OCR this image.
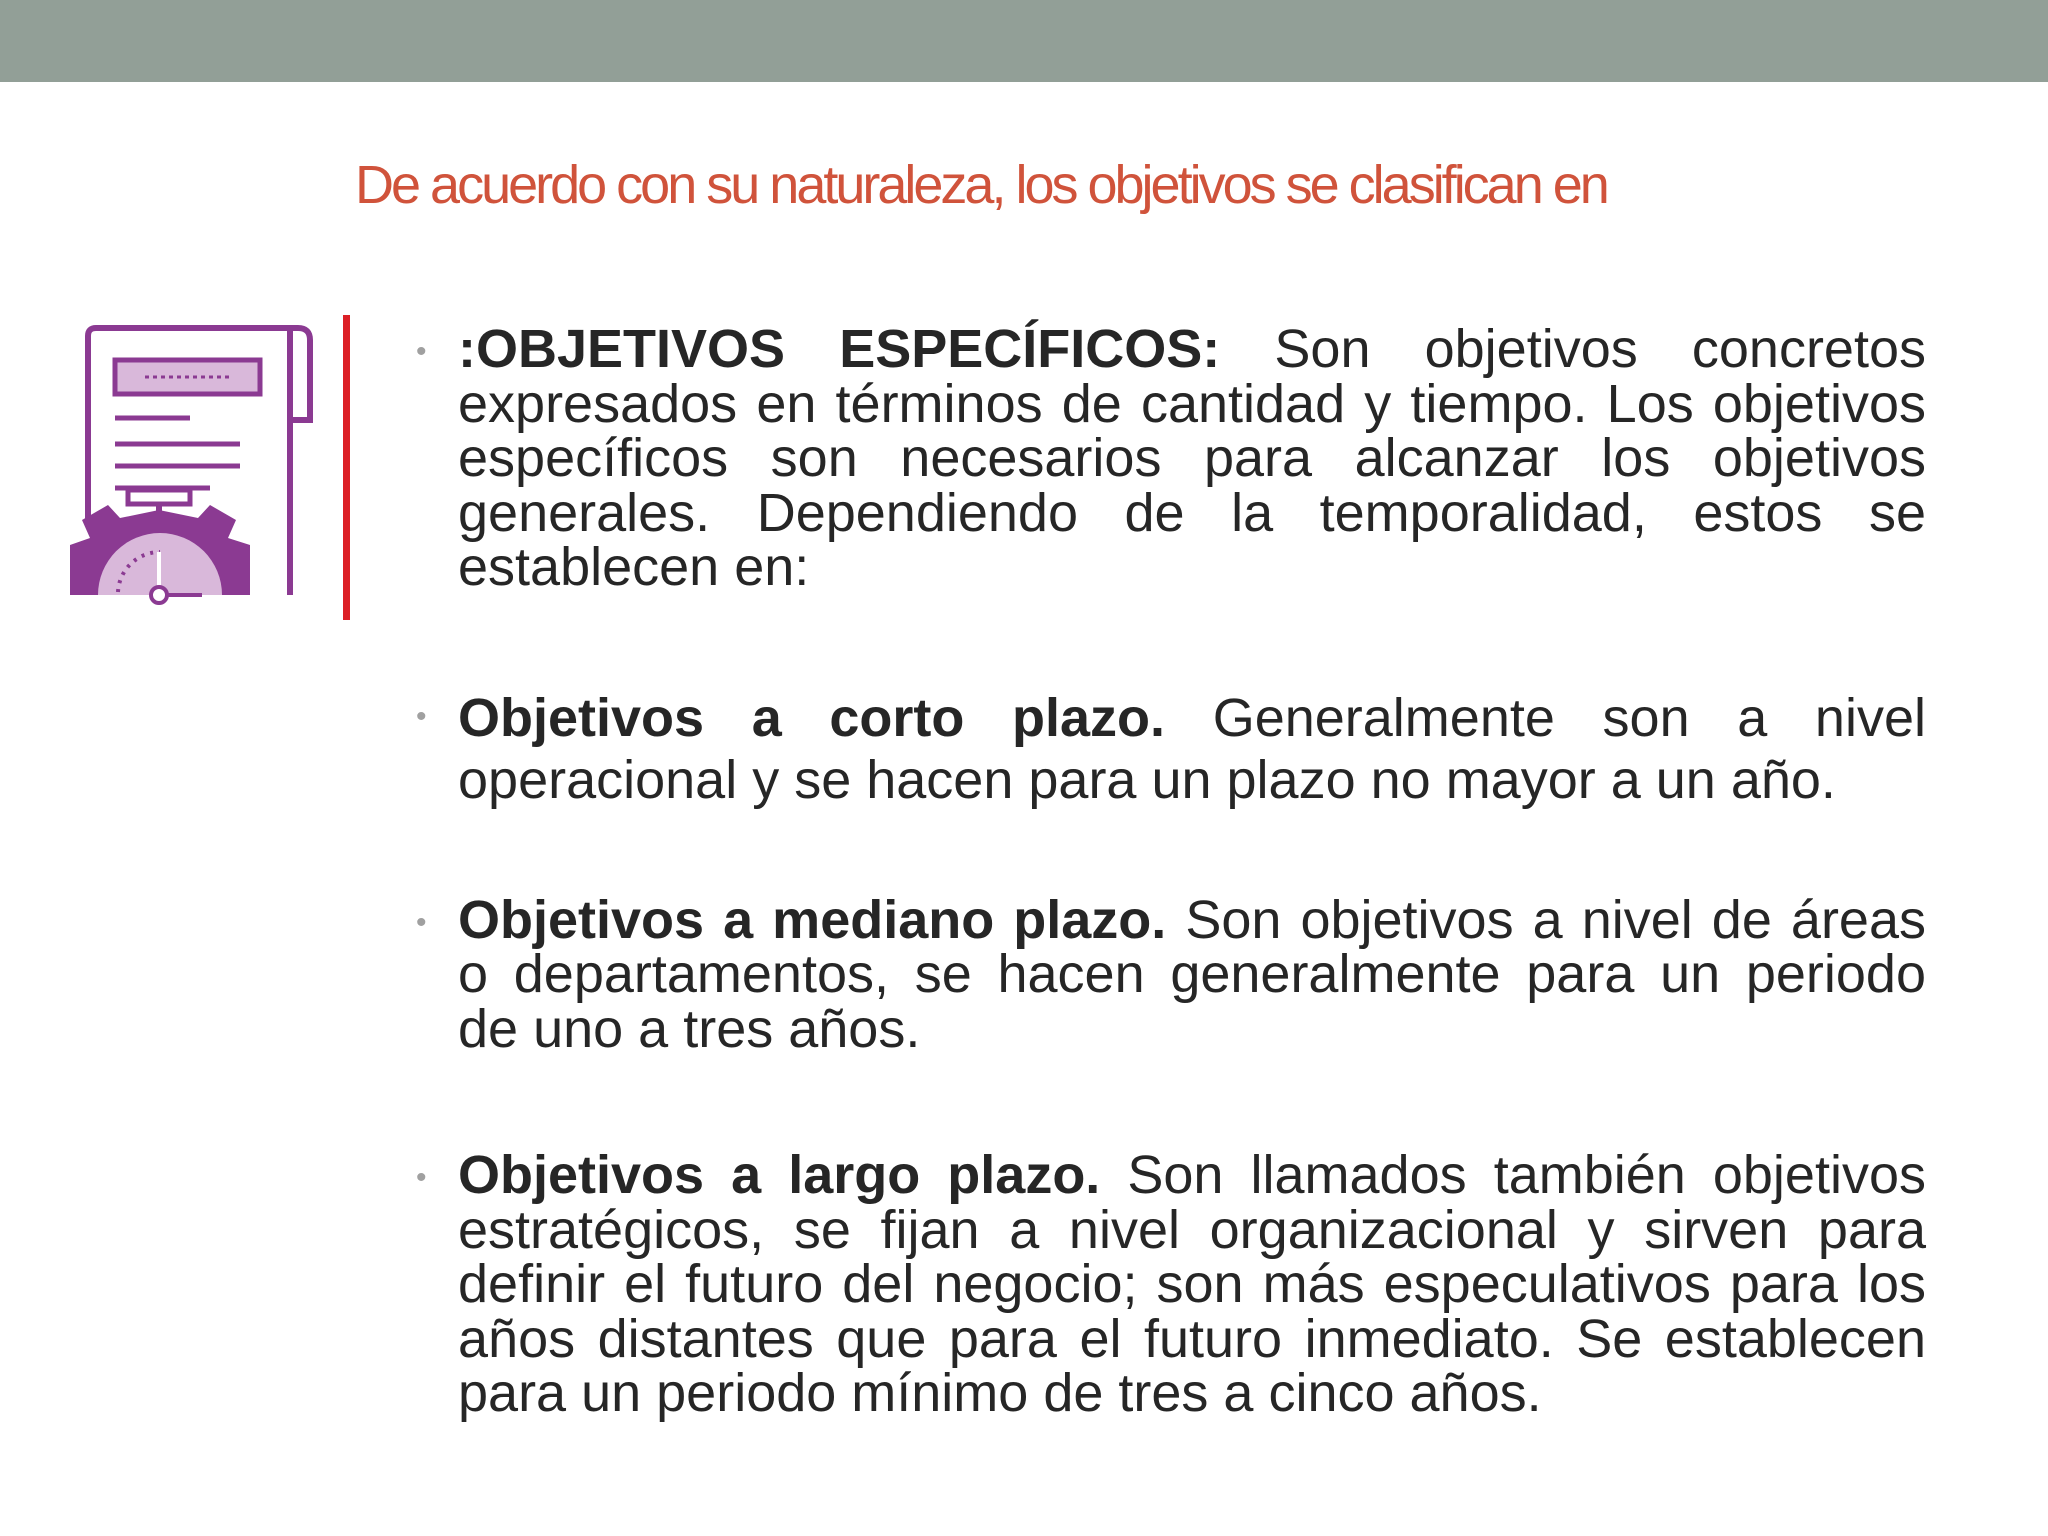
De acuerdo con su naturaleza, los objetivos se clasifican en
• :OBJETIVOS ESPECÍFICOS: Son objetivos concretos expresados en términos de cantidad y tiempo. Los objetivos específicos son necesarios para alcanzar los objetivos generales. Dependiendo de la temporalidad, estos se establecen en:
• Objetivos a corto plazo. Generalmente son a nivel operacional y se hacen para un plazo no mayor a un año.
• Objetivos a mediano plazo. Son objetivos a nivel de áreas o departamentos, se hacen generalmente para un periodo de uno a tres años.
• Objetivos a largo plazo. Son llamados también objetivos estratégicos, se fijan a nivel organizacional y sirven para definir el futuro del negocio; son más especulativos para los años distantes que para el futuro inmediato. Se establecen para un periodo mínimo de tres a cinco años.
